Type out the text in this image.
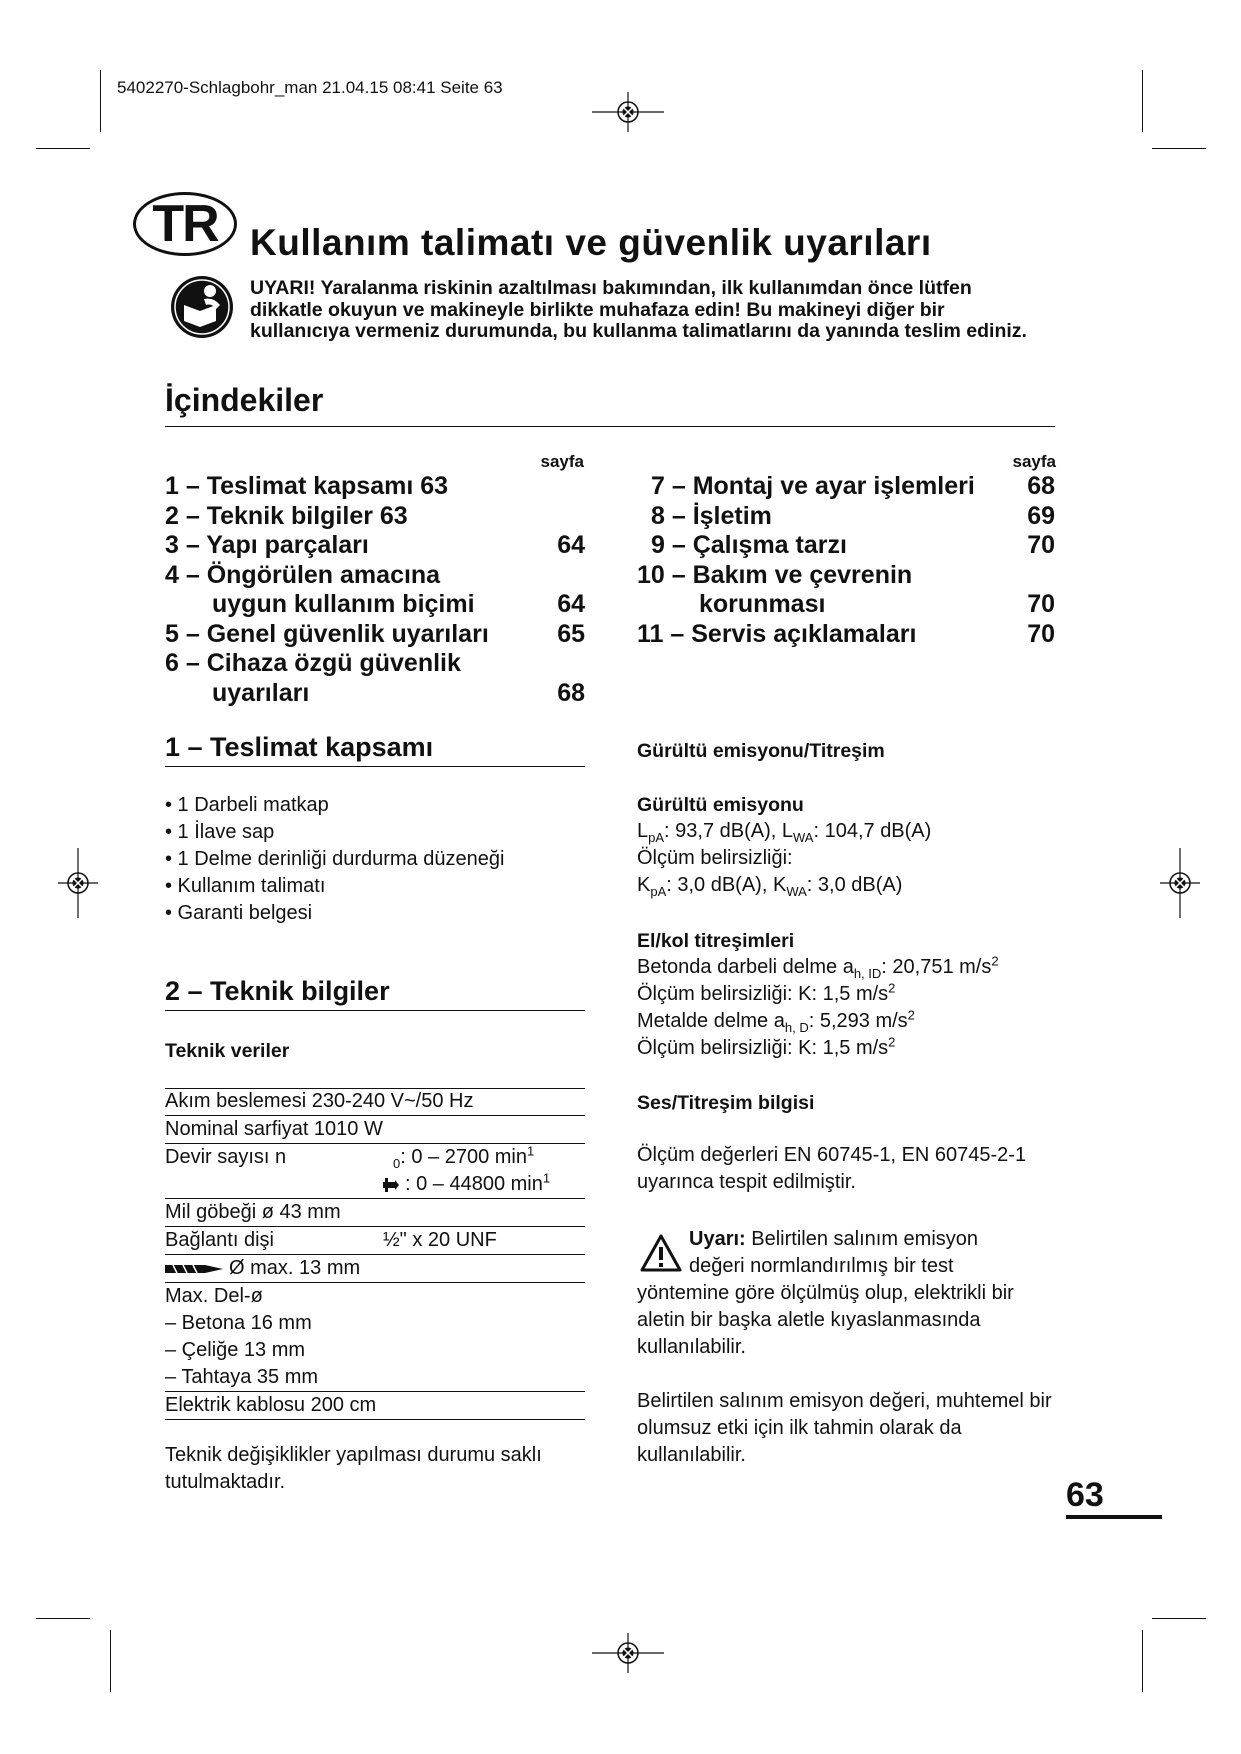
5402270-Schlagbohr_man 21.04.15 08:41 Seite 63
TR Kullanım talimatı ve güvenlik uyarıları
UYARI! Yaralanma riskinin azaltılması bakımından, ilk kullanımdan önce lütfen dikkatle okuyun ve makineyle birlikte muhafaza edin! Bu makineyi diğer bir kullanıcıya vermeniz durumunda, bu kullanma talimatlarını da yanında teslim ediniz.
İçindekiler
sayfa	sayfa
1 – Teslimat kapsamı 63
2 – Teknik bilgiler 63
3 – Yapı parçaları	64
4 – Öngörülen amacına
uygun kullanım biçimi	64
5 – Genel güvenlik uyarıları	65
6 – Cihaza özgü güvenlik
uyarıları	68
7 – Montaj ve ayar işlemleri 68
8 – İşletim	69
9 – Çalışma tarzı	70
10 – Bakım ve çevrenin
korunması	70
11 – Servis açıklamaları	70
1 – Teslimat kapsamı
• 1 Darbeli matkap
• 1 İlave sap
• 1 Delme derinliği durdurma düzeneği
• Kullanım talimatı
• Garanti belgesi
2 – Teknik bilgiler
Teknik veriler
Akım beslemesi 230-240 V~/50 Hz
Nominal sarfiyat 1010 W
Devir sayısı n	$_0$: 0 – 2700 $\min^1$
: 0 – 44800 $\min^1$
Mil göbeği ø 43 mm
Bağlantı dişi	½" x 20 UNF
Ø max. 13 mm
Max. Del-ø
– Betona 16 mm
– Çeliğe 13 mm
– Tahtaya 35 mm
Elektrik kablosu 200 cm
Teknik değişiklikler yapılması durumu saklı tutulmaktadır.
Gürültü emisyonu/Titreşim
Gürültü emisyonu
$L_{pA}$: 93,7 dB(A), $L_{WA}$: 104,7 dB(A)
Ölçüm belirsizliği:
$K_{pA}$: 3,0 dB(A), $K_{WA}$: 3,0 dB(A)
El/kol titreşimleri
Betonda darbeli delme $a_{h, ID}$: 20,751 $m/s^2$
Ölçüm belirsizliği: K: 1,5 $m/s^2$
Metalde delme $a_{h, D}$: 5,293 $m/s^2$
Ölçüm belirsizliği: K: 1,5 $m/s^2$
Ses/Titreşim bilgisi
Ölçüm değerleri EN 60745-1, EN 60745-2-1 uyarınca tespit edilmiştir.
Uyarı: Belirtilen salınım emisyon
değeri normlandırılmış bir test
yöntemine göre ölçülmüş olup, elektrikli bir aletin bir başka aletle kıyaslanmasında kullanılabilir.
Belirtilen salınım emisyon değeri, muhtemel bir olumsuz etki için ilk tahmin olarak da kullanılabilir.
63
